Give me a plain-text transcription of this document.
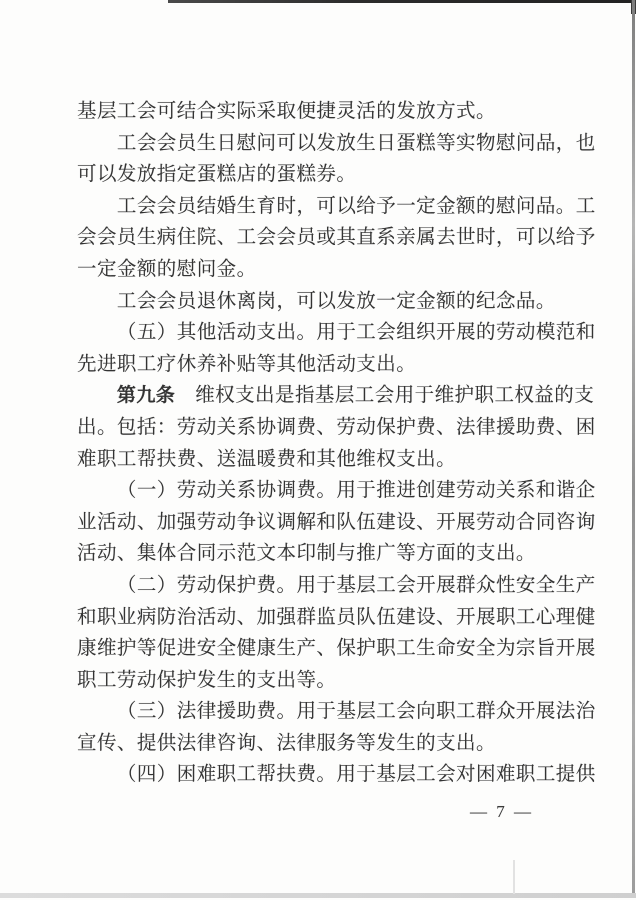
基层工会可结合实际采取便捷灵活的发放方式。
工会会员生日慰问可以发放生日蛋糕等实物慰问品，也
可以发放指定蛋糕店的蛋糕券。
工会会员结婚生育时，可以给予一定金额的慰问品。工
会会员生病住院、工会会员或其直系亲属去世时，可以给予
一定金额的慰问金。
工会会员退休离岗，可以发放一定金额的纪念品。
（五）其他活动支出。用于工会组织开展的劳动模范和
先进职工疗休养补贴等其他活动支出。
第九条　维权支出是指基层工会用于维护职工权益的支
出。包括：劳动关系协调费、劳动保护费、法律援助费、困
难职工帮扶费、送温暖费和其他维权支出。
（一）劳动关系协调费。用于推进创建劳动关系和谐企
业活动、加强劳动争议调解和队伍建设、开展劳动合同咨询
活动、集体合同示范文本印制与推广等方面的支出。
（二）劳动保护费。用于基层工会开展群众性安全生产
和职业病防治活动、加强群监员队伍建设、开展职工心理健
康维护等促进安全健康生产、保护职工生命安全为宗旨开展
职工劳动保护发生的支出等。
（三）法律援助费。用于基层工会向职工群众开展法治
宣传、提供法律咨询、法律服务等发生的支出。
（四）困难职工帮扶费。用于基层工会对困难职工提供
— 7 —
